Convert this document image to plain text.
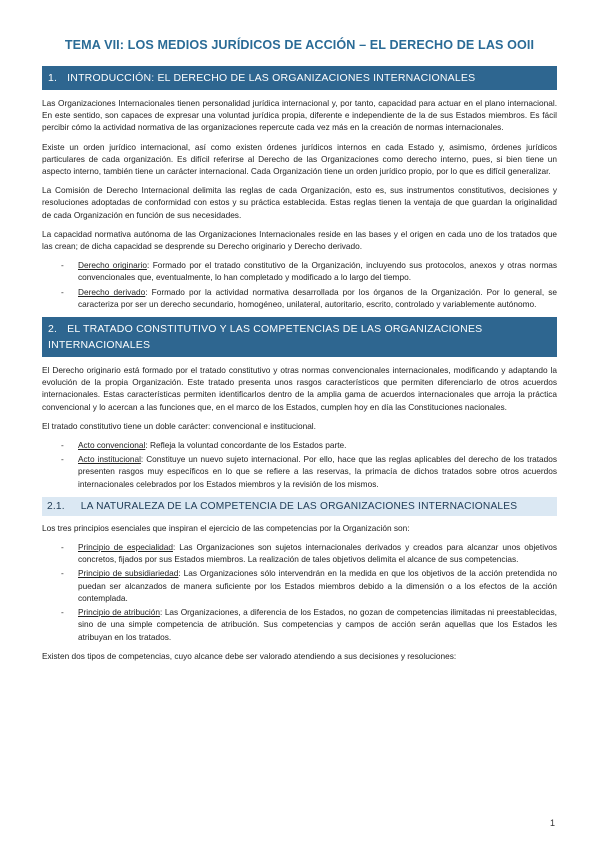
TEMA VII: LOS MEDIOS JURÍDICOS DE ACCIÓN – EL DERECHO DE LAS OOII
1. INTRODUCCIÓN: EL DERECHO DE LAS ORGANIZACIONES INTERNACIONALES

Las Organizaciones Internacionales tienen personalidad jurídica internacional y, por tanto, capacidad para actuar en el plano internacional. En este sentido, son capaces de expresar una voluntad jurídica propia, diferente e independiente de la de sus Estados miembros. Es fácil percibir cómo la actividad normativa de las organizaciones repercute cada vez más en la creación de normas internacionales.

Existe un orden jurídico internacional, así como existen órdenes jurídicos internos en cada Estado y, asimismo, órdenes jurídicos particulares de cada organización. Es difícil referirse al Derecho de las Organizaciones como derecho interno, pues, si bien tiene un aspecto interno, también tiene un carácter internacional. Cada Organización tiene un orden jurídico propio, por lo que es difícil generalizar.

La Comisión de Derecho Internacional delimita las reglas de cada Organización, esto es, sus instrumentos constitutivos, decisiones y resoluciones adoptadas de conformidad con estos y su práctica establecida. Estas reglas tienen la ventaja de que guardan la originalidad de cada Organización en función de sus necesidades.

La capacidad normativa autónoma de las Organizaciones Internacionales reside en las bases y el origen en cada uno de los tratados que las crean; de dicha capacidad se desprende su Derecho originario y Derecho derivado.

- Derecho originario: Formado por el tratado constitutivo de la Organización, incluyendo sus protocolos, anexos y otras normas convencionales que, eventualmente, lo han completado y modificado a lo largo del tiempo.
- Derecho derivado: Formado por la actividad normativa desarrollada por los órganos de la Organización. Por lo general, se caracteriza por ser un derecho secundario, homogéneo, unilateral, autoritario, escrito, controlado y variablemente autónomo.
2. EL TRATADO CONSTITUTIVO Y LAS COMPETENCIAS DE LAS ORGANIZACIONES INTERNACIONALES

El Derecho originario está formado por el tratado constitutivo y otras normas convencionales internacionales, modificando y adaptando la evolución de la propia Organización. Este tratado presenta unos rasgos característicos que permiten diferenciarlo de otros acuerdos internacionales. Estas características permiten identificarlos dentro de la amplia gama de acuerdos internacionales que arroja la práctica convencional y lo acercan a las funciones que, en el marco de los Estados, cumplen hoy en día las Constituciones nacionales.

El tratado constitutivo tiene un doble carácter: convencional e institucional.

- Acto convencional: Refleja la voluntad concordante de los Estados parte.
- Acto institucional: Constituye un nuevo sujeto internacional. Por ello, hace que las reglas aplicables del derecho de los tratados presenten rasgos muy específicos en lo que se refiere a las reservas, la primacía de dichos tratados sobre otros acuerdos internacionales celebrados por los Estados miembros y la revisión de los mismos.
2.1. LA NATURALEZA DE LA COMPETENCIA DE LAS ORGANIZACIONES INTERNACIONALES

Los tres principios esenciales que inspiran el ejercicio de las competencias por la Organización son:

- Principio de especialidad: Las Organizaciones son sujetos internacionales derivados y creados para alcanzar unos objetivos concretos, fijados por sus Estados miembros. La realización de tales objetivos delimita el alcance de sus competencias.
- Principio de subsidiariedad: Las Organizaciones sólo intervendrán en la medida en que los objetivos de la acción pretendida no puedan ser alcanzados de manera suficiente por los Estados miembros debido a la dimensión o a los efectos de la acción contemplada.
- Principio de atribución: Las Organizaciones, a diferencia de los Estados, no gozan de competencias ilimitadas ni preestablecidas, sino de una simple competencia de atribución. Sus competencias y campos de acción serán aquellas que los Estados les atribuyan en los tratados.

Existen dos tipos de competencias, cuyo alcance debe ser valorado atendiendo a sus decisiones y resoluciones:

1
